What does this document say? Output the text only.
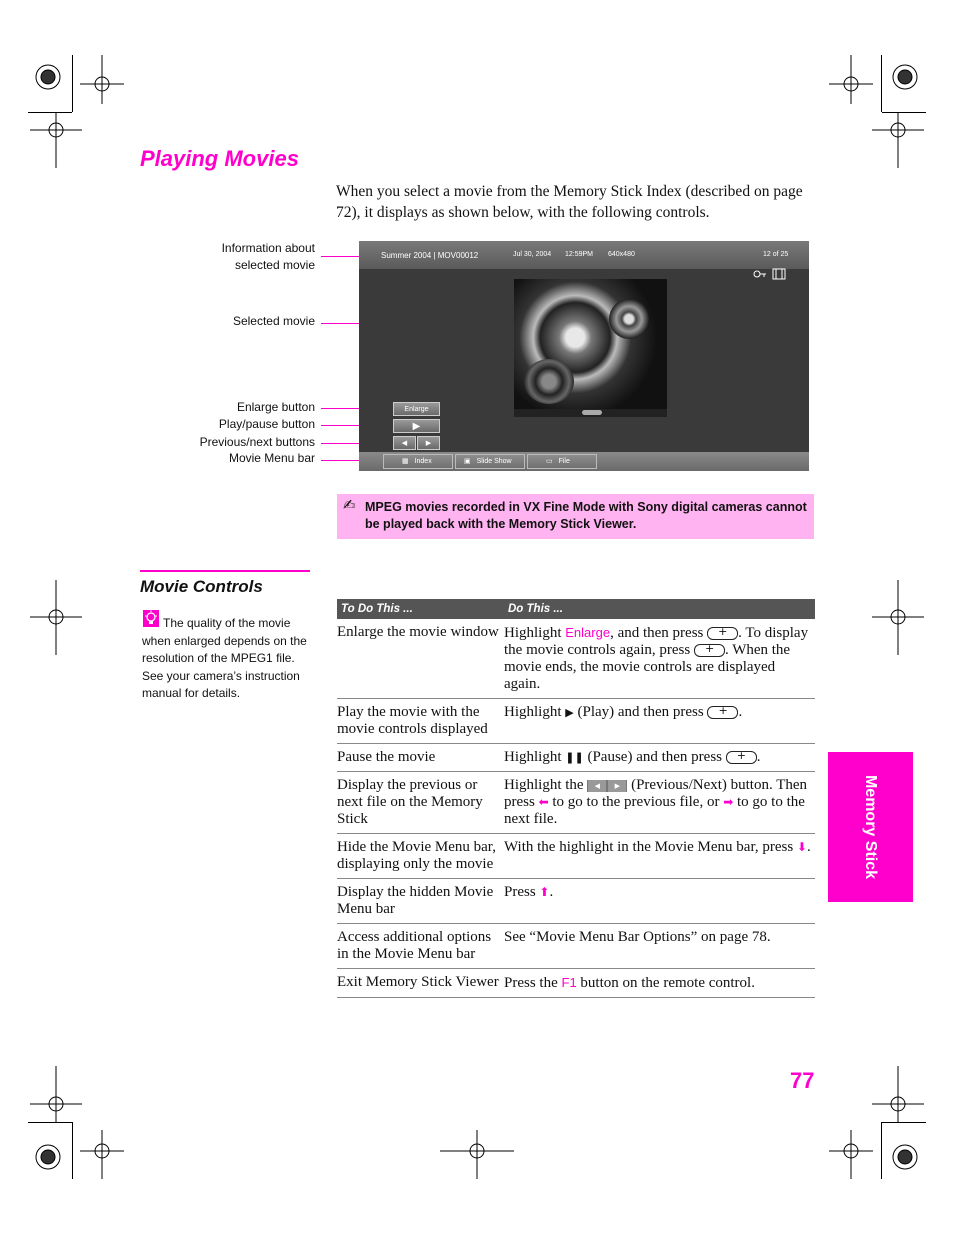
Playing Movies

When you select a movie from the Memory Stick Index (described on page 72), it displays as shown below, with the following controls.

Information about
selected movie
Selected movie
Enlarge button
Play/pause button
Previous/next buttons
Movie Menu bar
Summer 2004 | MOV00012	Jul 30, 2004 12:59PM 640x480	12 of 25
Enlarge
▶
◀	▶
▦ Index	▣ Slide Show	▭ File
✍ MPEG movies recorded in VX Fine Mode with Sony digital cameras cannot be played back with the Memory Stick Viewer.
Movie Controls

The quality of the movie when enlarged depends on the resolution of the MPEG1 file. See your camera’s instruction manual for details.

To Do This ...	Do This ...
Enlarge the movie window	Highlight Enlarge, and then press +. To display the movie controls again, press +. When the movie ends, the movie controls are displayed again.
Play the movie with the movie controls displayed	Highlight ▶ (Play) and then press +.
Pause the movie	Highlight ❚❚ (Pause) and then press +.
Display the previous or next file on the Memory Stick	Highlight the ◀ ▶ (Previous/Next) button. Then press ⬅ to go to the previous file, or ➡ to go to the next file.
Hide the Movie Menu bar, displaying only the movie	With the highlight in the Movie Menu bar, press ⬇.
Display the hidden Movie Menu bar	Press ⬆.
Access additional options in the Movie Menu bar	See “Movie Menu Bar Options” on page 78.
Exit Memory Stick Viewer	Press the F1 button on the remote control.
Memory Stick
77
